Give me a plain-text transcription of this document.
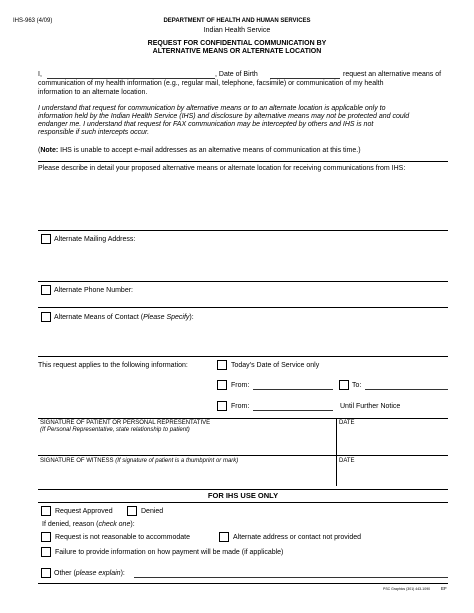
IHS-963 (4/09)	DEPARTMENT OF HEALTH AND HUMAN SERVICES
Indian Health Service
REQUEST FOR CONFIDENTIAL COMMUNICATION BY
ALTERNATIVE MEANS OR ALTERNATE LOCATION
I,	, Date of Birth	request an alternative means of
communication of my health information (e.g., regular mail, telephone, facsimile) or communication of my health
information to an alternate location.
I understand that request for communication by alternative means or to an alternate location is applicable only to
information held by the Indian Health Service (IHS) and disclosure by alternative means may not be protected and could
endanger me. I understand that request for FAX communication may be intercepted by others and IHS is not
responsible if such intercepts occur.
(Note: IHS is unable to accept e-mail addresses as an alternative means of communication at this time.)
Please describe in detail your proposed alternative means or alternate location for receiving communications from IHS:
Alternate Mailing Address:
Alternate Phone Number:
Alternate Means of Contact (Please Specify):
This request applies to the following information:	Today’s Date of Service only
From:	To:
From:	Until Further Notice
SIGNATURE OF PATIENT OR PERSONAL REPRESENTATIVE
(If Personal Representative, state relationship to patient)
DATE
SIGNATURE OF WITNESS (If signature of patient is a thumbprint or mark)	DATE
FOR IHS USE ONLY
Request Approved	Denied
If denied, reason (check one):
Request is not reasonable to accommodate	Alternate address or contact not provided
Failure to provide information on how payment will be made (if applicable)
Other (please explain):
PSC Graphics (301) 443-1090 EF
